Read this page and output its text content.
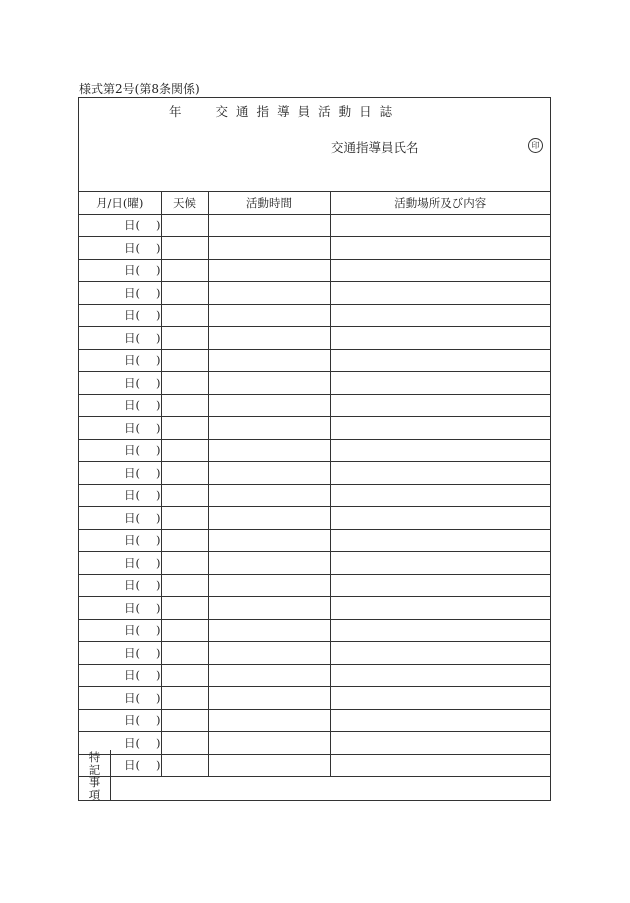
様式第2号(第8条関係)
年	交 通 指 導 員 活 動 日 誌
交通指導員氏名	印
月/日(曜)	天候	活動時間	活動場所及び内容
日( )			
日( )			
日( )			
日( )			
日( )			
日( )			
日( )			
日( )			
日( )			
日( )			
日( )			
日( )			
日( )			
日( )			
日( )			
日( )			
日( )			
日( )			
日( )			
日( )			
日( )			
日( )			
日( )			
日( )			
日( )			
特
記
事
項
